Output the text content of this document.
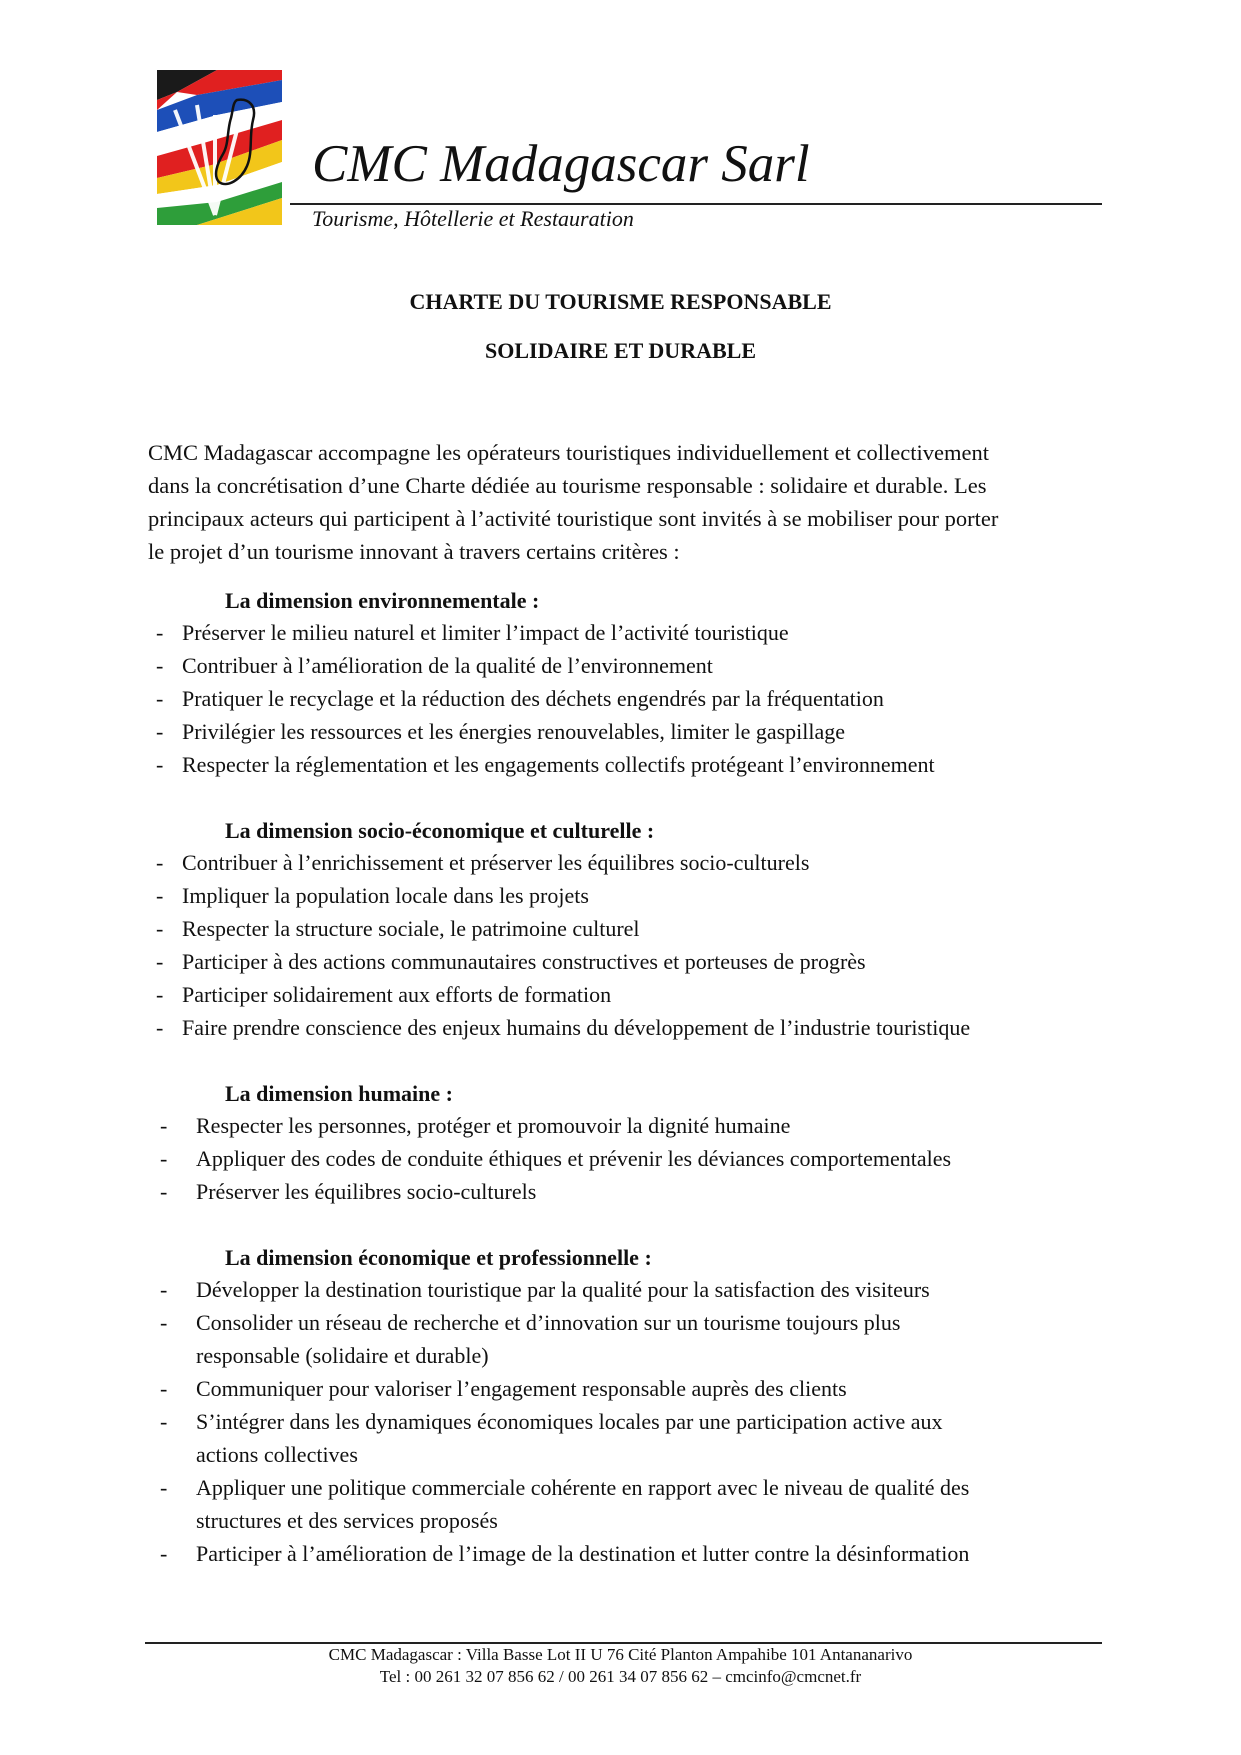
CMC Madagascar Sarl
Tourisme, Hôtellerie et Restauration
CHARTE DU TOURISME RESPONSABLE
SOLIDAIRE ET DURABLE
CMC Madagascar accompagne les opérateurs touristiques individuellement et collectivement
dans la concrétisation d’une Charte dédiée au tourisme responsable : solidaire et durable. Les
principaux acteurs qui participent à l’activité touristique sont invités à se mobiliser pour porter
le projet d’un tourisme innovant à travers certains critères :
La dimension environnementale :
- Préserver le milieu naturel et limiter l’impact de l’activité touristique
- Contribuer à l’amélioration de la qualité de l’environnement
- Pratiquer le recyclage et la réduction des déchets engendrés par la fréquentation
- Privilégier les ressources et les énergies renouvelables, limiter le gaspillage
- Respecter la réglementation et les engagements collectifs protégeant l’environnement
La dimension socio-économique et culturelle :
- Contribuer à l’enrichissement et préserver les équilibres socio-culturels
- Impliquer la population locale dans les projets
- Respecter la structure sociale, le patrimoine culturel
- Participer à des actions communautaires constructives et porteuses de progrès
- Participer solidairement aux efforts de formation
- Faire prendre conscience des enjeux humains du développement de l’industrie touristique
La dimension humaine :
- Respecter les personnes, protéger et promouvoir la dignité humaine
- Appliquer des codes de conduite éthiques et prévenir les déviances comportementales
- Préserver les équilibres socio-culturels
La dimension économique et professionnelle :
- Développer la destination touristique par la qualité pour la satisfaction des visiteurs
- Consolider un réseau de recherche et d’innovation sur un tourisme toujours plus
responsable (solidaire et durable)
- Communiquer pour valoriser l’engagement responsable auprès des clients
- S’intégrer dans les dynamiques économiques locales par une participation active aux
actions collectives
- Appliquer une politique commerciale cohérente en rapport avec le niveau de qualité des
structures et des services proposés
- Participer à l’amélioration de l’image de la destination et lutter contre la désinformation
CMC Madagascar : Villa Basse Lot II U 76 Cité Planton Ampahibe 101 Antananarivo
Tel : 00 261 32 07 856 62 / 00 261 34 07 856 62 – cmcinfo@cmcnet.fr
